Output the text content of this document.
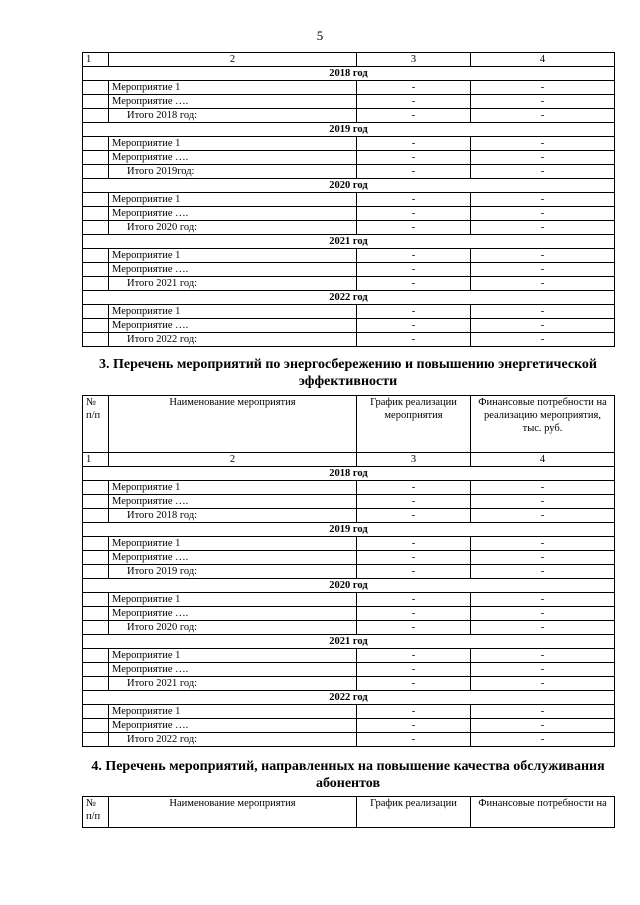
5
1	2	3	4
2018 год			
	Мероприятие 1	-	-
	Мероприятие ….	-	-
	Итого 2018 год:	-	-
2019 год			
	Мероприятие 1	-	-
	Мероприятие ….	-	-
	Итого 2019год:	-	-
2020 год			
	Мероприятие 1	-	-
	Мероприятие ….	-	-
	Итого 2020 год:	-	-
2021 год			
	Мероприятие 1	-	-
	Мероприятие ….	-	-
	Итого 2021 год:	-	-
2022 год			
	Мероприятие 1	-	-
	Мероприятие ….	-	-
	Итого 2022 год:	-	-
3. Перечень мероприятий по энергосбережению и повышению энергетической эффективности
№ п/п	Наименование мероприятия	График реализации мероприятия	Финансовые потребности на реализацию мероприятия, тыс. руб.
1	2	3	4
2018 год			
	Мероприятие 1	-	-
	Мероприятие ….	-	-
	Итого 2018 год:	-	-
2019 год			
	Мероприятие 1	-	-
	Мероприятие ….	-	-
	Итого 2019 год:	-	-
2020 год			
	Мероприятие 1	-	-
	Мероприятие ….	-	-
	Итого 2020 год:	-	-
2021 год			
	Мероприятие 1	-	-
	Мероприятие ….	-	-
	Итого 2021 год:	-	-
2022 год			
	Мероприятие 1	-	-
	Мероприятие ….	-	-
	Итого 2022 год:	-	-
4. Перечень мероприятий, направленных на повышение качества обслуживания абонентов
№ п/п	Наименование мероприятия	График реализации	Финансовые потребности на
